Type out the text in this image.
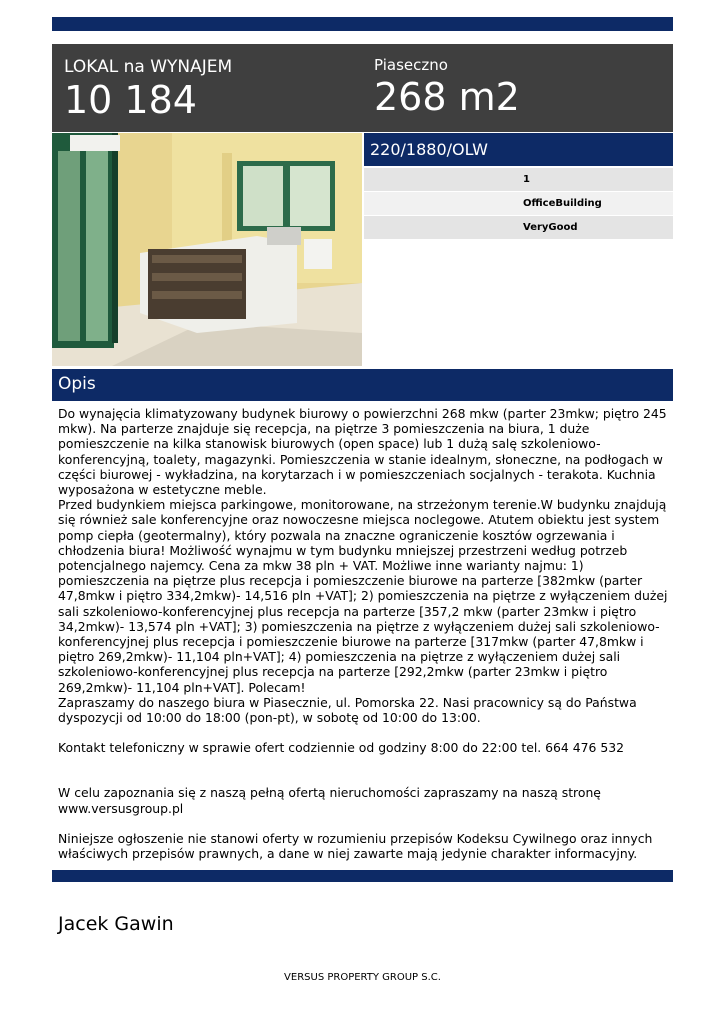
LOKAL na WYNAJEM
10 184
Piaseczno
268 m2
220/1880/OLW
1
OfficeBuilding
VeryGood
Opis

Do wynajęcia klimatyzowany budynek biurowy o powierzchni 268 mkw (parter 23mkw; piętro 245 mkw). Na parterze znajduje się recepcja, na piętrze 3 pomieszczenia na biura, 1 duże pomieszczenie na kilka stanowisk biurowych (open space) lub 1 dużą salę szkoleniowo-konferencyjną, toalety, magazynki. Pomieszczenia w stanie idealnym, słoneczne, na podłogach w części biurowej - wykładzina, na korytarzach i w pomieszczeniach socjalnych - terakota. Kuchnia wyposażona w estetyczne meble.

Przed budynkiem miejsca parkingowe, monitorowane, na strzeżonym terenie.W budynku znajdują się również sale konferencyjne oraz nowoczesne miejsca noclegowe. Atutem obiektu jest system pomp ciepła (geotermalny), który pozwala na znaczne ograniczenie kosztów ogrzewania i chłodzenia biura! Możliwość wynajmu w tym budynku mniejszej przestrzeni według potrzeb potencjalnego najemcy. Cena za mkw 38 pln + VAT. Możliwe inne warianty najmu: 1) pomieszczenia na piętrze plus recepcja i pomieszczenie biurowe na parterze [382mkw (parter 47,8mkw i piętro 334,2mkw)- 14,516 pln +VAT]; 2) pomieszczenia na piętrze z wyłączeniem dużej sali szkoleniowo-konferencyjnej plus recepcja na parterze [357,2 mkw (parter 23mkw i piętro 34,2mkw)- 13,574 pln +VAT]; 3) pomieszczenia na piętrze z wyłączeniem dużej sali szkoleniowo-konferencyjnej plus recepcja i pomieszczenie biurowe na parterze [317mkw (parter 47,8mkw i piętro 269,2mkw)- 11,104 pln+VAT]; 4) pomieszczenia na piętrze z wyłączeniem dużej sali szkoleniowo-konferencyjnej plus recepcja na parterze [292,2mkw (parter 23mkw i piętro 269,2mkw)- 11,104 pln+VAT]. Polecam!

Zapraszamy do naszego biura w Piasecznie, ul. Pomorska 22. Nasi pracownicy są do Państwa dyspozycji od 10:00 do 18:00 (pon-pt), w sobotę od 10:00 do 13:00.

Kontakt telefoniczny w sprawie ofert codziennie od godziny 8:00 do 22:00 tel. 664 476 532

W celu zapoznania się z naszą pełną ofertą nieruchomości zapraszamy na naszą stronę
www.versusgroup.pl

Niniejsze ogłoszenie nie stanowi oferty w rozumieniu przepisów Kodeksu Cywilnego oraz innych właściwych przepisów prawnych, a dane w niej zawarte mają jedynie charakter informacyjny.

Jacek Gawin
VERSUS PROPERTY GROUP S.C.
